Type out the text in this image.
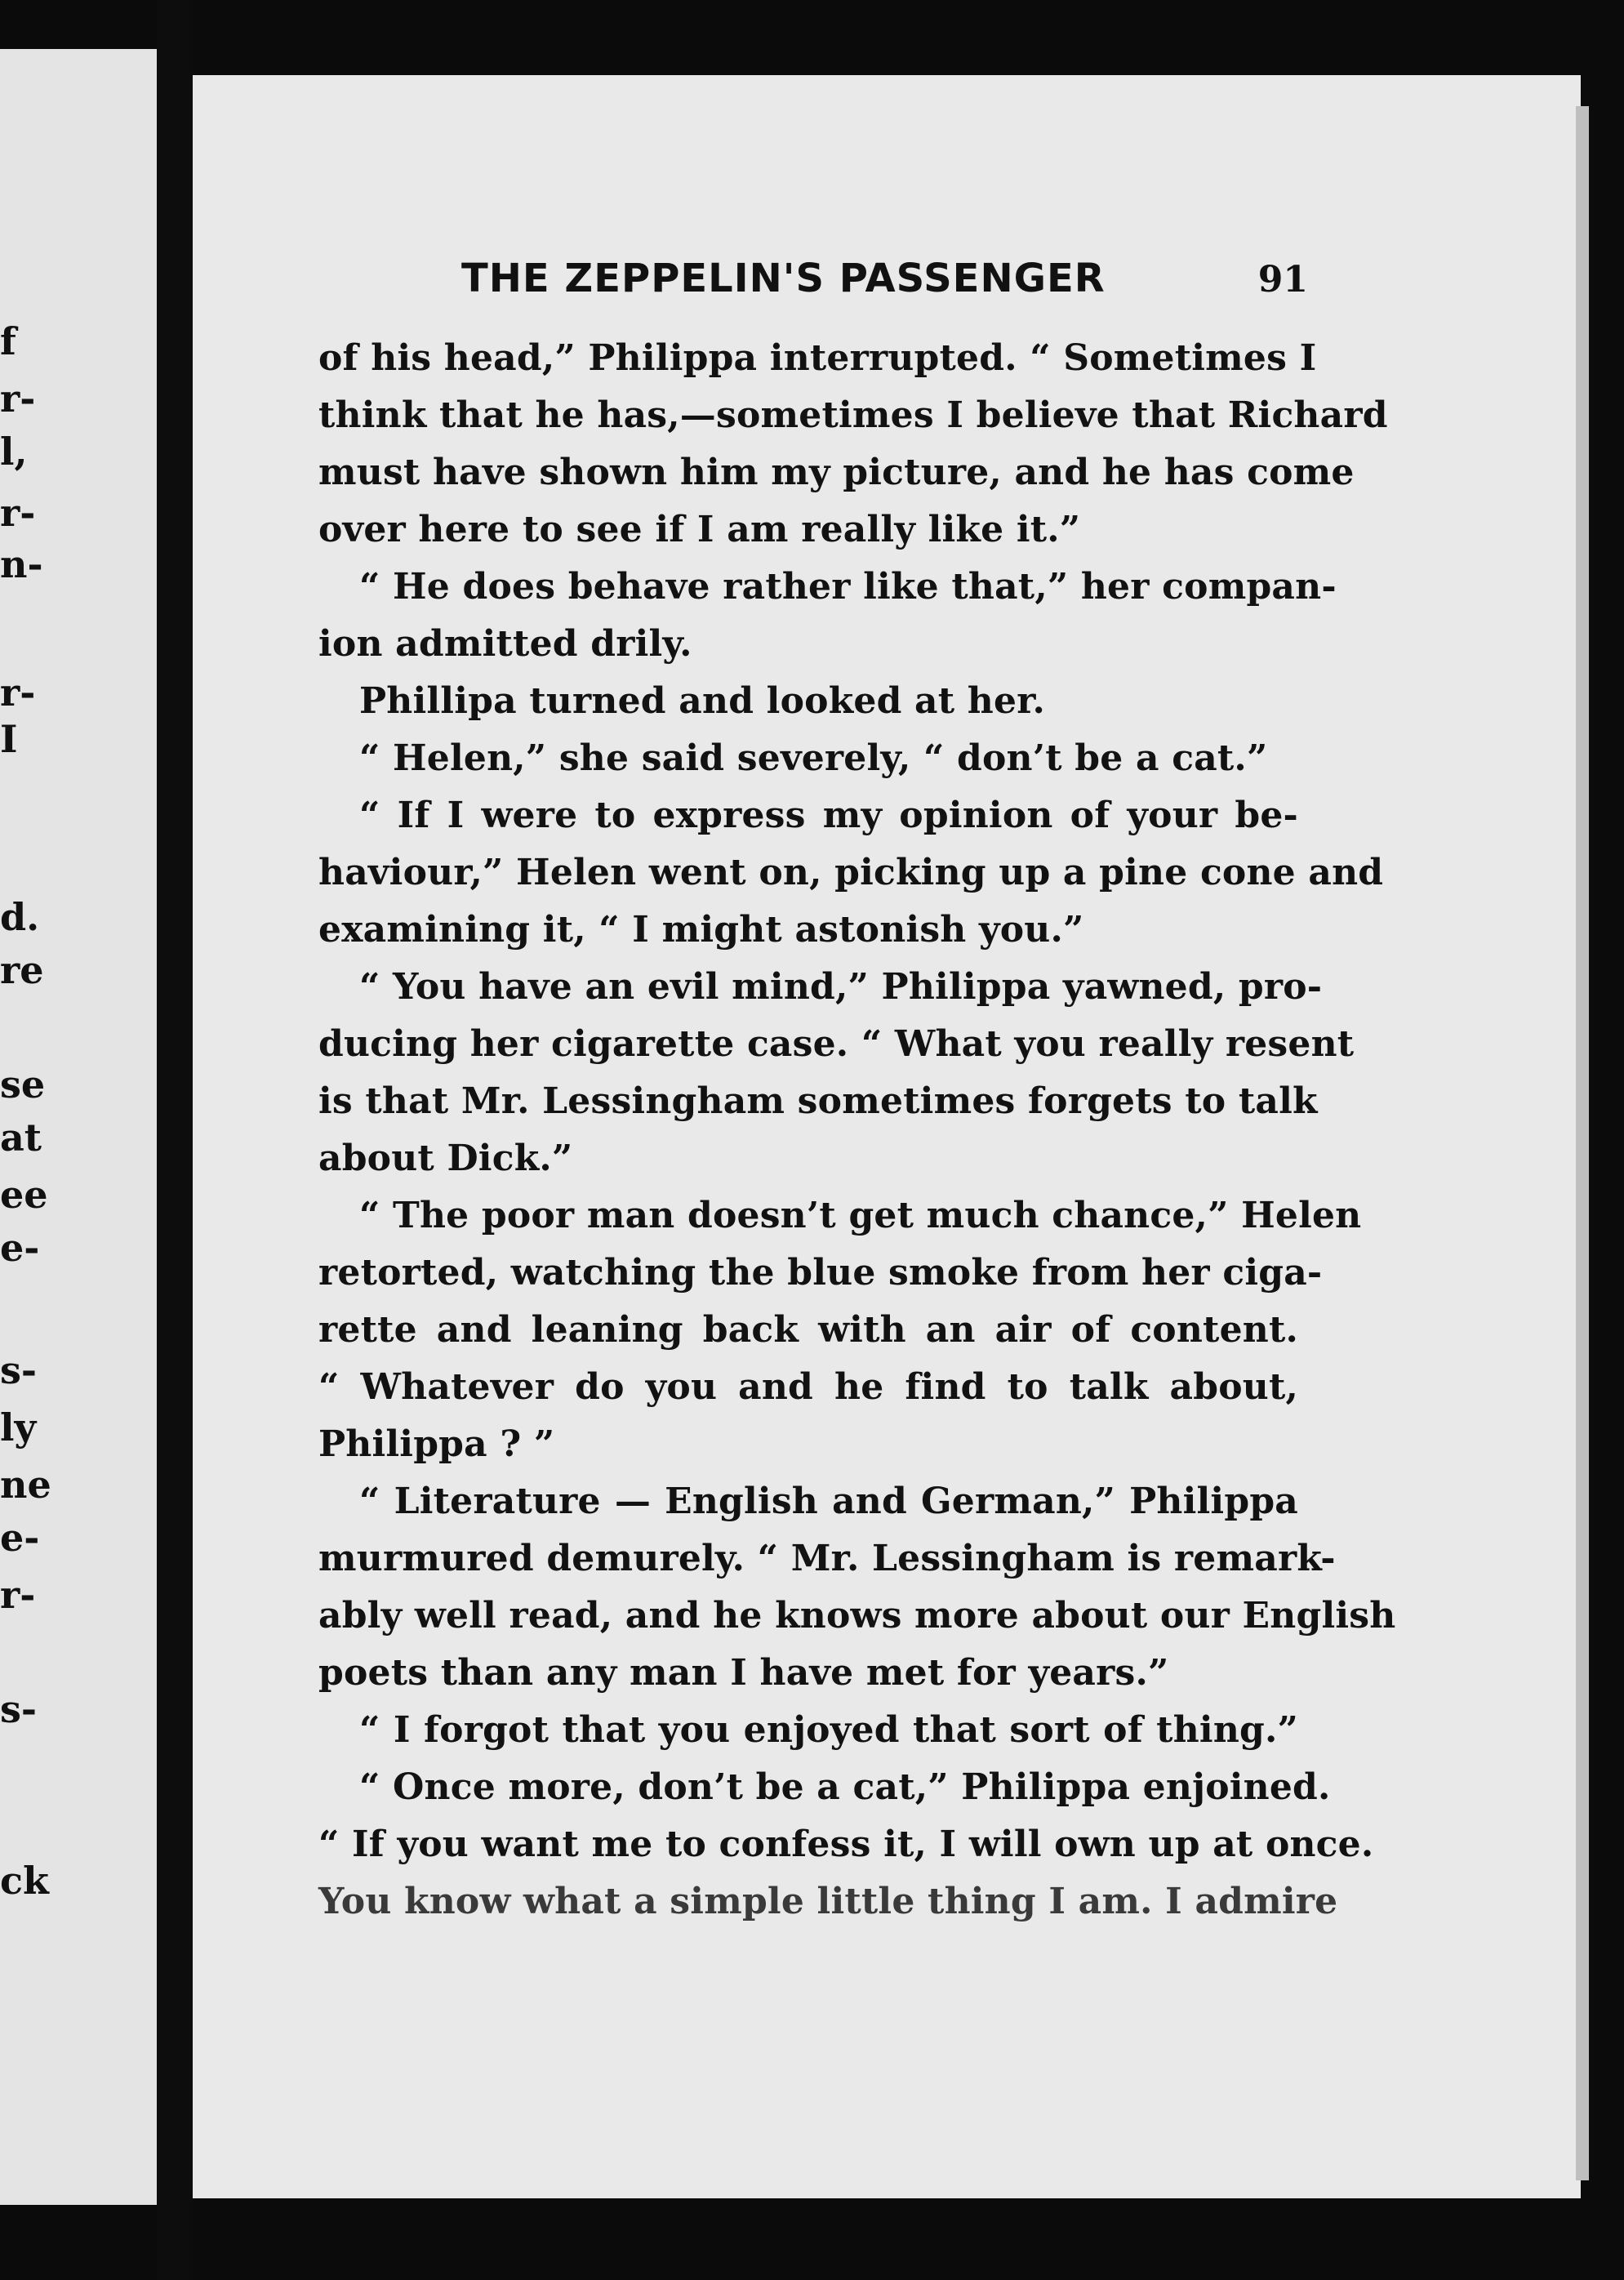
f
r-
l,
r-
n-
r-
I
d.
re
se
at
ee
e-
s-
ly
ne
e-
r-
s-
ck
THE ZEPPELIN'S PASSENGER	91
of his head,” Philippa interrupted. “ Sometimes I
think that he has,—sometimes I believe that Richard
must have shown him my picture, and he has come
over here to see if I am really like it.”
“ He does behave rather like that,” her compan-
ion admitted drily.
Phillipa turned and looked at her.
“ Helen,” she said severely, “ don’t be a cat.”
“ If I were to express my opinion of your be-
haviour,” Helen went on, picking up a pine cone and
examining it, “ I might astonish you.”
“ You have an evil mind,” Philippa yawned, pro-
ducing her cigarette case. “ What you really resent
is that Mr. Lessingham sometimes forgets to talk
about Dick.”
“ The poor man doesn’t get much chance,” Helen
retorted, watching the blue smoke from her ciga-
rette and leaning back with an air of content.
“ Whatever do you and he find to talk about,
Philippa ? ”
“ Literature — English and German,” Philippa
murmured demurely. “ Mr. Lessingham is remark-
ably well read, and he knows more about our English
poets than any man I have met for years.”
“ I forgot that you enjoyed that sort of thing.”
“ Once more, don’t be a cat,” Philippa enjoined.
“ If you want me to confess it, I will own up at once.
You know what a simple little thing I am. I admire
